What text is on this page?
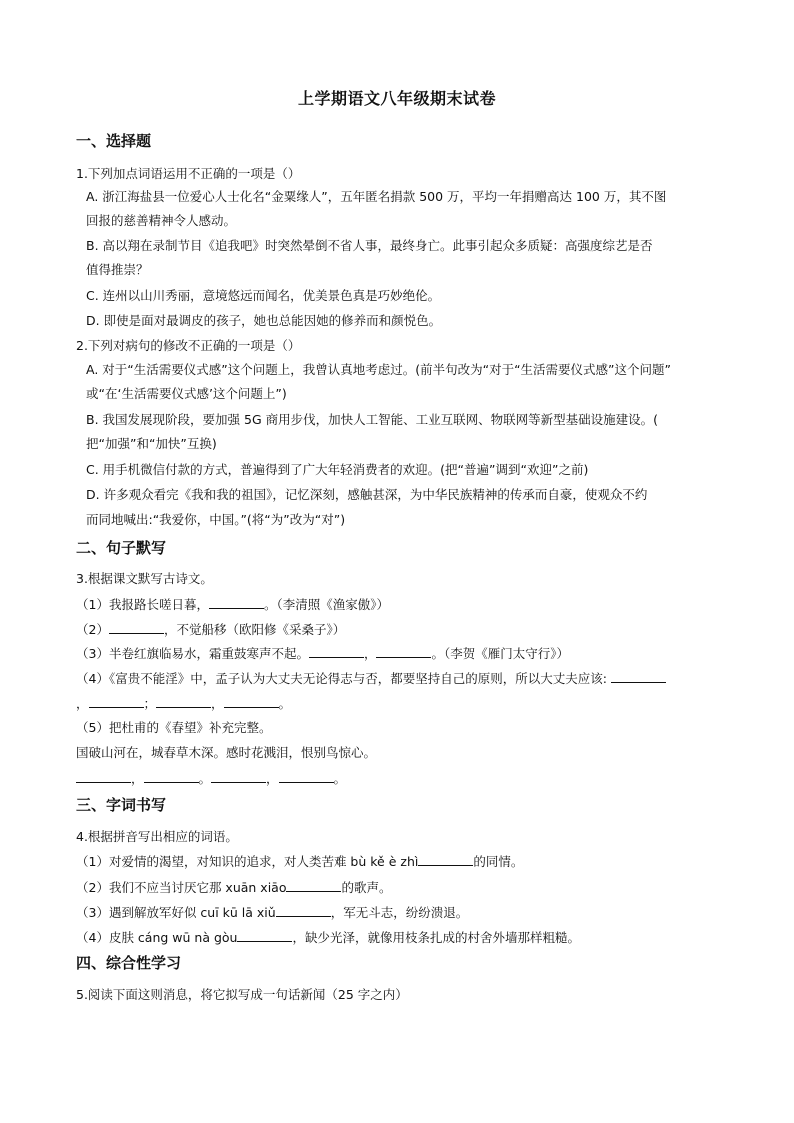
上学期语文八年级期末试卷
一、选择题
1.下列加点词语运用不正确的一项是（）
A. 浙江海盐县一位爱心人士化名“金粟缘人”，五年匿名捐款 500 万，平均一年捐赠高达 100 万，其不图
回报的慈善精神令人感动。
B. 高以翔在录制节目《追我吧》时突然晕倒不省人事，最终身亡。此事引起众多质疑：高强度综艺是否
值得推崇？
C. 连州以山川秀丽，意境悠远而闻名，优美景色真是巧妙绝伦。
D. 即使是面对最调皮的孩子，她也总能因她的修养而和颜悦色。
2.下列对病句的修改不正确的一项是（）
A. 对于“生活需要仪式感”这个问题上，我曾认真地考虑过。(前半句改为“对于“生活需要仪式感”这个问题”
或“在‘生活需要仪式感’这个问题上”)
B. 我国发展现阶段，要加强 5G 商用步伐，加快人工智能、工业互联网、物联网等新型基础设施建设。(
把“加强”和“加快”互换)
C. 用手机微信付款的方式，普遍得到了广大年轻消费者的欢迎。(把“普遍”调到“欢迎”之前)
D. 许多观众看完《我和我的祖国》，记忆深刻，感触甚深，为中华民族精神的传承而自豪，使观众不约
而同地喊出:“我爱你，中国。”(将“为”改为“对”)
二、句子默写
3.根据课文默写古诗文。
（1）我报路长嗟日暮，	。（李清照《渔家傲》）
（2）	，不觉船移（欧阳修《采桑子》）
（3）半卷红旗临易水，霜重鼓寒声不起。	，	。（李贺《雁门太守行》）
（4）《富贵不能淫》中，孟子认为大丈夫无论得志与否，都要坚持自己的原则，所以大丈夫应该:
，	；	，	。
（5）把杜甫的《春望》补充完整。
国破山河在，城春草木深。感时花溅泪，恨别鸟惊心。
，	。	，	。
三、字词书写
4.根据拼音写出相应的词语。
（1）对爱情的渴望，对知识的追求，对人类苦难 bù kě è zhì	的同情。
（2）我们不应当讨厌它那 xuān xiāo	的歌声。
（3）遇到解放军好似 cuī kū lā xiǔ	，军无斗志，纷纷溃退。
（4）皮肤 cáng wū nà gòu	，缺少光泽，就像用枝条扎成的村舍外墙那样粗糙。
四、综合性学习
5.阅读下面这则消息，将它拟写成一句话新闻（25 字之内）
